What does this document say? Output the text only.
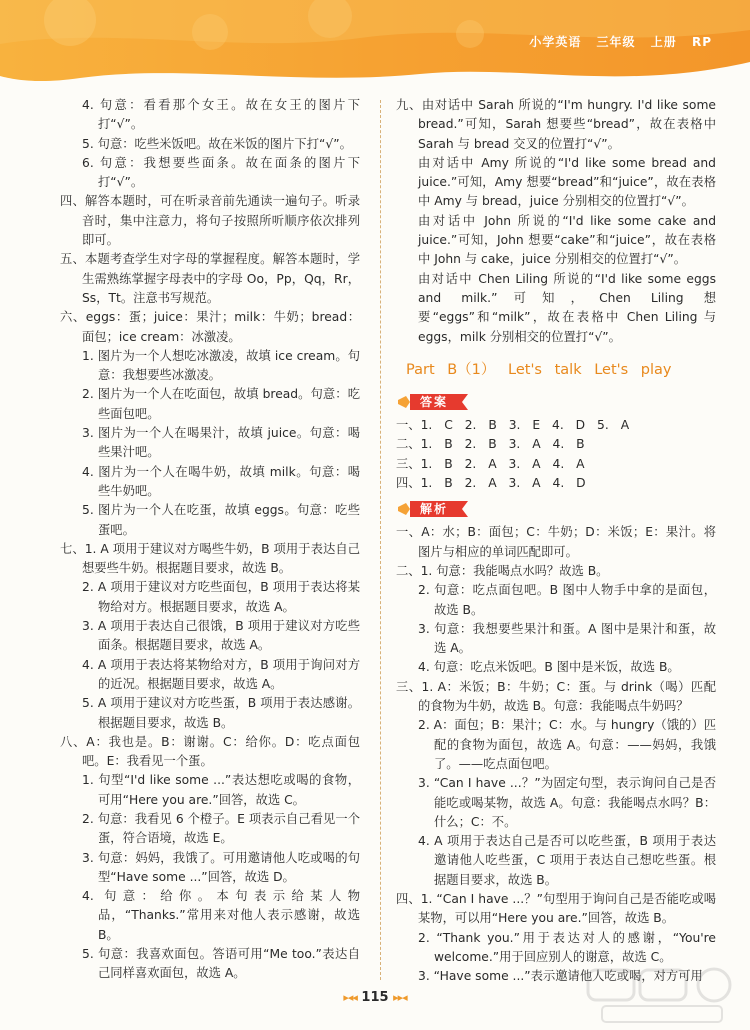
小学英语 三年级 上册 RP

4. 句意：看看那个女王。故在女王的图片下打“√”。

5. 句意：吃些米饭吧。故在米饭的图片下打“√”。

6. 句意：我想要些面条。故在面条的图片下打“√”。

四、解答本题时，可在听录音前先通读一遍句子。听录音时，集中注意力，将句子按照所听顺序依次排列即可。

五、本题考查学生对字母的掌握程度。解答本题时，学生需熟练掌握字母表中的字母 Oo，Pp，Qq，Rr，Ss，Tt。注意书写规范。

六、eggs：蛋；juice：果汁；milk：牛奶；bread：面包；ice cream：冰激凌。

1. 图片为一个人想吃冰激凌，故填 ice cream。句意：我想要些冰激凌。

2. 图片为一个人在吃面包，故填 bread。句意：吃些面包吧。

3. 图片为一个人在喝果汁，故填 juice。句意：喝些果汁吧。

4. 图片为一个人在喝牛奶，故填 milk。句意：喝些牛奶吧。

5. 图片为一个人在吃蛋，故填 eggs。句意：吃些蛋吧。

七、1. A 项用于建议对方喝些牛奶，B 项用于表达自己想要些牛奶。根据题目要求，故选 B。

2. A 项用于建议对方吃些面包，B 项用于表达将某物给对方。根据题目要求，故选 A。

3. A 项用于表达自己很饿，B 项用于建议对方吃些面条。根据题目要求，故选 A。

4. A 项用于表达将某物给对方，B 项用于询问对方的近况。根据题目要求，故选 A。

5. A 项用于建议对方吃些蛋，B 项用于表达感谢。根据题目要求，故选 B。

八、A：我也是。B：谢谢。C：给你。D：吃点面包吧。E：我看见一个蛋。

1. 句型“I'd like some ...”表达想吃或喝的食物，可用“Here you are.”回答，故选 C。

2. 句意：我看见 6 个橙子。E 项表示自己看见一个蛋，符合语境，故选 E。

3. 句意：妈妈，我饿了。可用邀请他人吃或喝的句型“Have some ...”回答，故选 D。

4. 句意：给你。本句表示给某人物品，“Thanks.”常用来对他人表示感谢，故选 B。

5. 句意：我喜欢面包。答语可用“Me too.”表达自己同样喜欢面包，故选 A。

九、由对话中 Sarah 所说的“I'm hungry. I'd like some bread.”可知，Sarah 想要些“bread”，故在表格中 Sarah 与 bread 交叉的位置打“√”。

由对话中 Amy 所说的“I'd like some bread and juice.”可知，Amy 想要“bread”和“juice”，故在表格中 Amy 与 bread，juice 分别相交的位置打“√”。

由对话中 John 所说的“I'd like some cake and juice.”可知，John 想要“cake”和“juice”，故在表格中 John 与 cake，juice 分别相交的位置打“√”。

由对话中 Chen Liling 所说的“I'd like some eggs and milk.”可知，Chen Liling 想要“eggs”和“milk”，故在表格中 Chen Liling 与 eggs，milk 分别相交的位置打“√”。

Part B（1） Let's talk Let's play

答案

一、1. C 2. B 3. E 4. D 5. A

二、1. B 2. B 3. A 4. B

三、1. B 2. A 3. A 4. A

四、1. B 2. A 3. A 4. D

解析

一、A：水；B：面包；C：牛奶；D：米饭；E：果汁。将图片与相应的单词匹配即可。

二、1. 句意：我能喝点水吗？故选 B。

2. 句意：吃点面包吧。B 图中人物手中拿的是面包，故选 B。

3. 句意：我想要些果汁和蛋。A 图中是果汁和蛋，故选 A。

4. 句意：吃点米饭吧。B 图中是米饭，故选 B。

三、1. A：米饭；B：牛奶；C：蛋。与 drink（喝）匹配的食物为牛奶，故选 B。句意：我能喝点牛奶吗？

2. A：面包；B：果汁；C：水。与 hungry（饿的）匹配的食物为面包，故选 A。句意：——妈妈，我饿了。——吃点面包吧。

3. “Can I have ...？”为固定句型，表示询问自己是否能吃或喝某物，故选 A。句意：我能喝点水吗？B：什么；C：不。

4. A 项用于表达自己是否可以吃些蛋，B 项用于表达邀请他人吃些蛋，C 项用于表达自己想吃些蛋。根据题目要求，故选 B。

四、1. “Can I have ...？”句型用于询问自己是否能吃或喝某物，可以用“Here you are.”回答，故选 B。

2. “Thank you.”用于表达对人的感谢，“You're welcome.”用于回应别人的谢意，故选 C。

3. “Have some ...”表示邀请他人吃或喝，对方可用

▸◂◂ 115 ▸▸◂
